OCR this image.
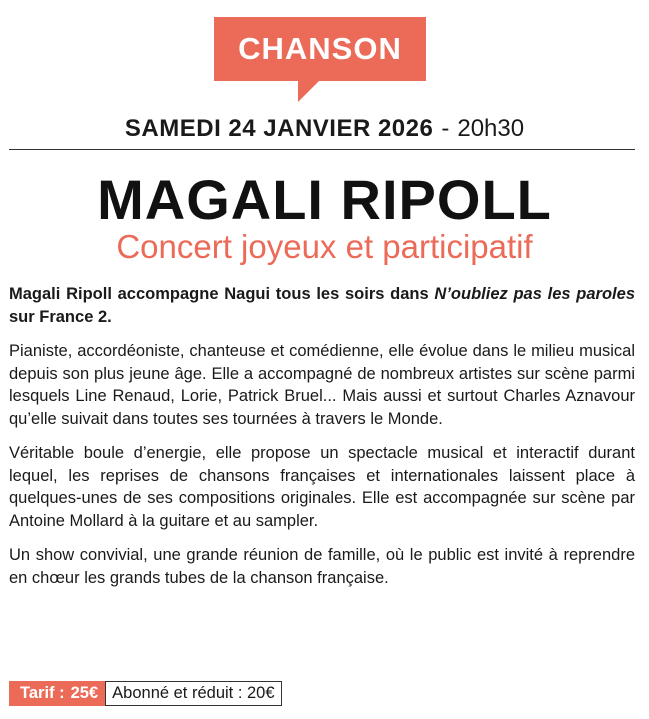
CHANSON
SAMEDI 24 JANVIER 2026 - 20h30
MAGALI RIPOLL
Concert joyeux et participatif

Magali Ripoll accompagne Nagui tous les soirs dans N’oubliez pas les paroles sur France 2.

Pianiste, accordéoniste, chanteuse et comédienne, elle évolue dans le milieu musical depuis son plus jeune âge. Elle a accompagné de nombreux artistes sur scène parmi lesquels Line Renaud, Lorie, Patrick Bruel... Mais aussi et surtout Charles Aznavour qu’elle suivait dans toutes ses tournées à travers le Monde.

Véritable boule d’energie, elle propose un spectacle musical et interactif durant lequel, les reprises de chansons françaises et internationales laissent place à quelques-unes de ses compositions originales. Elle est accompagnée sur scène par Antoine Mollard à la guitare et au sampler.

Un show convivial, une grande réunion de famille, où le public est invité à reprendre en chœur les grands tubes de la chanson française.

Tarif : 25€ Abonné et réduit : 20€
